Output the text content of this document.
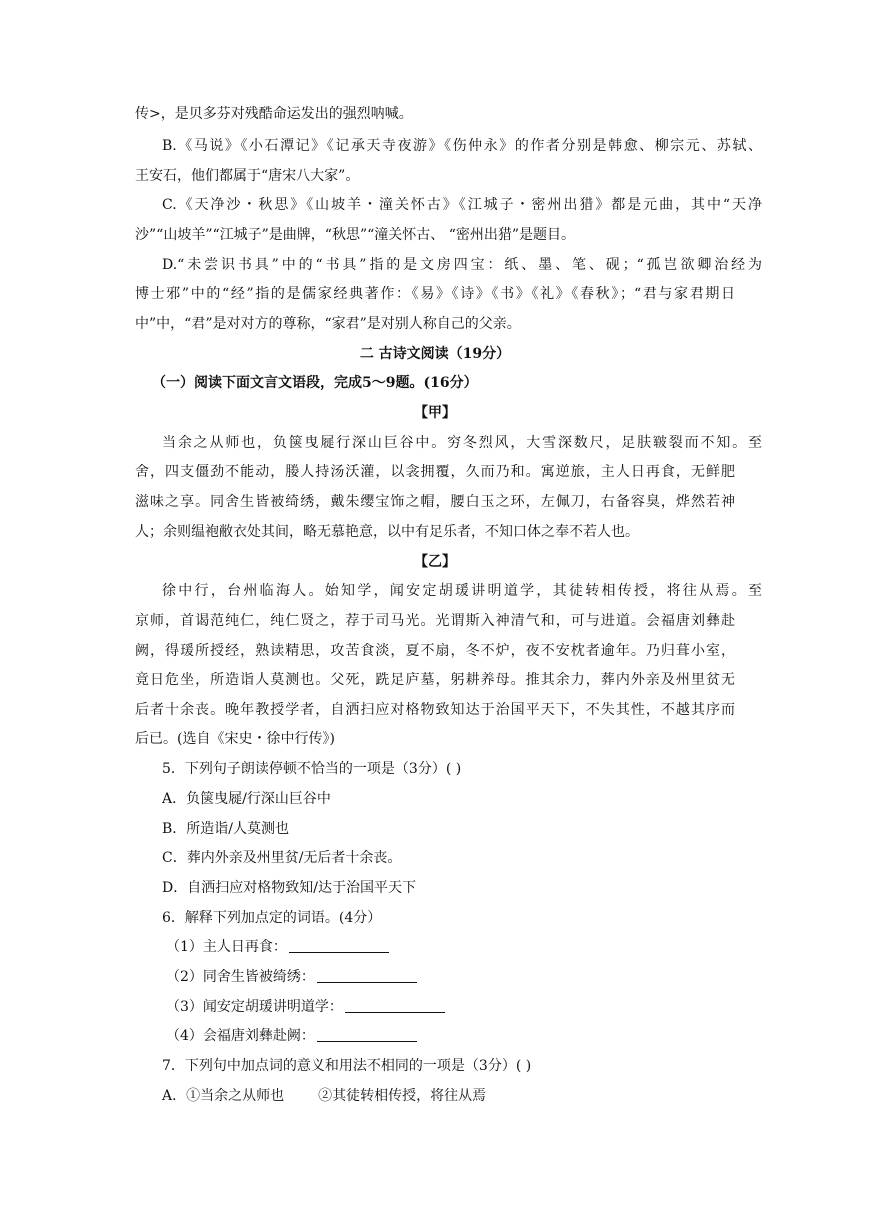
传>，是贝多芬对残酷命运发出的强烈呐喊。
B.《马说》《小石潭记》《记承天寺夜游》《伤仲永》的作者分别是韩愈、柳宗元、苏轼、
王安石，他们都属于“唐宋八大家”。
C.《天净沙・秋思》《山坡羊・潼关怀古》《江城子・密州出猎》都是元曲，其中“天净
沙”“山坡羊”“江城子”是曲牌，“秋思”“潼关怀古、 “密州出猎”是题目。
D.“未尝识书具”中的“书具”指的是文房四宝：纸、墨、笔、砚；“孤岂欲卿治经为
博士邪”中的“经”指的是儒家经典著作：《易》《诗》《书》《礼》《春秋》；“君与家君期日
中”中，“君”是对对方的尊称，“家君”是对别人称自己的父亲。
二 古诗文阅读（19分）
（一）阅读下面文言文语段，完成5～9题。(16分）
【甲】
当余之从师也，负箧曳屣行深山巨谷中。穷冬烈风，大雪深数尺，足肤皲裂而不知。至
舍，四支僵劲不能动，媵人持汤沃灌，以衾拥覆，久而乃和。寓逆旅，主人日再食，无鲜肥
滋味之享。同舍生皆被绮绣，戴朱缨宝饰之帽，腰白玉之环，左佩刀，右备容臭，烨然若神
人；余则缊袍敝衣处其间，略无慕艳意，以中有足乐者，不知口体之奉不若人也。
【乙】
徐中行，台州临海人。始知学，闻安定胡瑗讲明道学，其徒转相传授，将往从焉。至
京师，首谒范纯仁，纯仁贤之，荐于司马光。光谓斯入神清气和，可与进道。会福唐刘彝赴
阙，得瑗所授经，熟读精思，攻苦食淡，夏不扇，冬不炉，夜不安枕者逾年。乃归葺小室，
竟日危坐，所造诣人莫测也。父死，跣足庐墓，躬耕养母。推其余力，葬内外亲及州里贫无
后者十余丧。晚年教授学者，自洒扫应对格物致知达于治国平天下，不失其性，不越其序而
后已。(选自《宋史・徐中行传》)
5．下列句子朗读停顿不恰当的一项是（3分）( )
A．负箧曳屣/行深山巨谷中
B．所造诣/人莫测也
C．葬内外亲及州里贫/无后者十余丧。
D．自洒扫应对格物致知/达于治国平天下
6．解释下列加点定的词语。(4分）
（1）主人日再食：
（2）同舍生皆被绮绣：
（3）闻安定胡瑗讲明道学：
（4）会福唐刘彝赴阙：
7．下列句中加点词的意义和用法不相同的一项是（3分）( )
A．①当余之从师也 ②其徒转相传授，将往从焉
